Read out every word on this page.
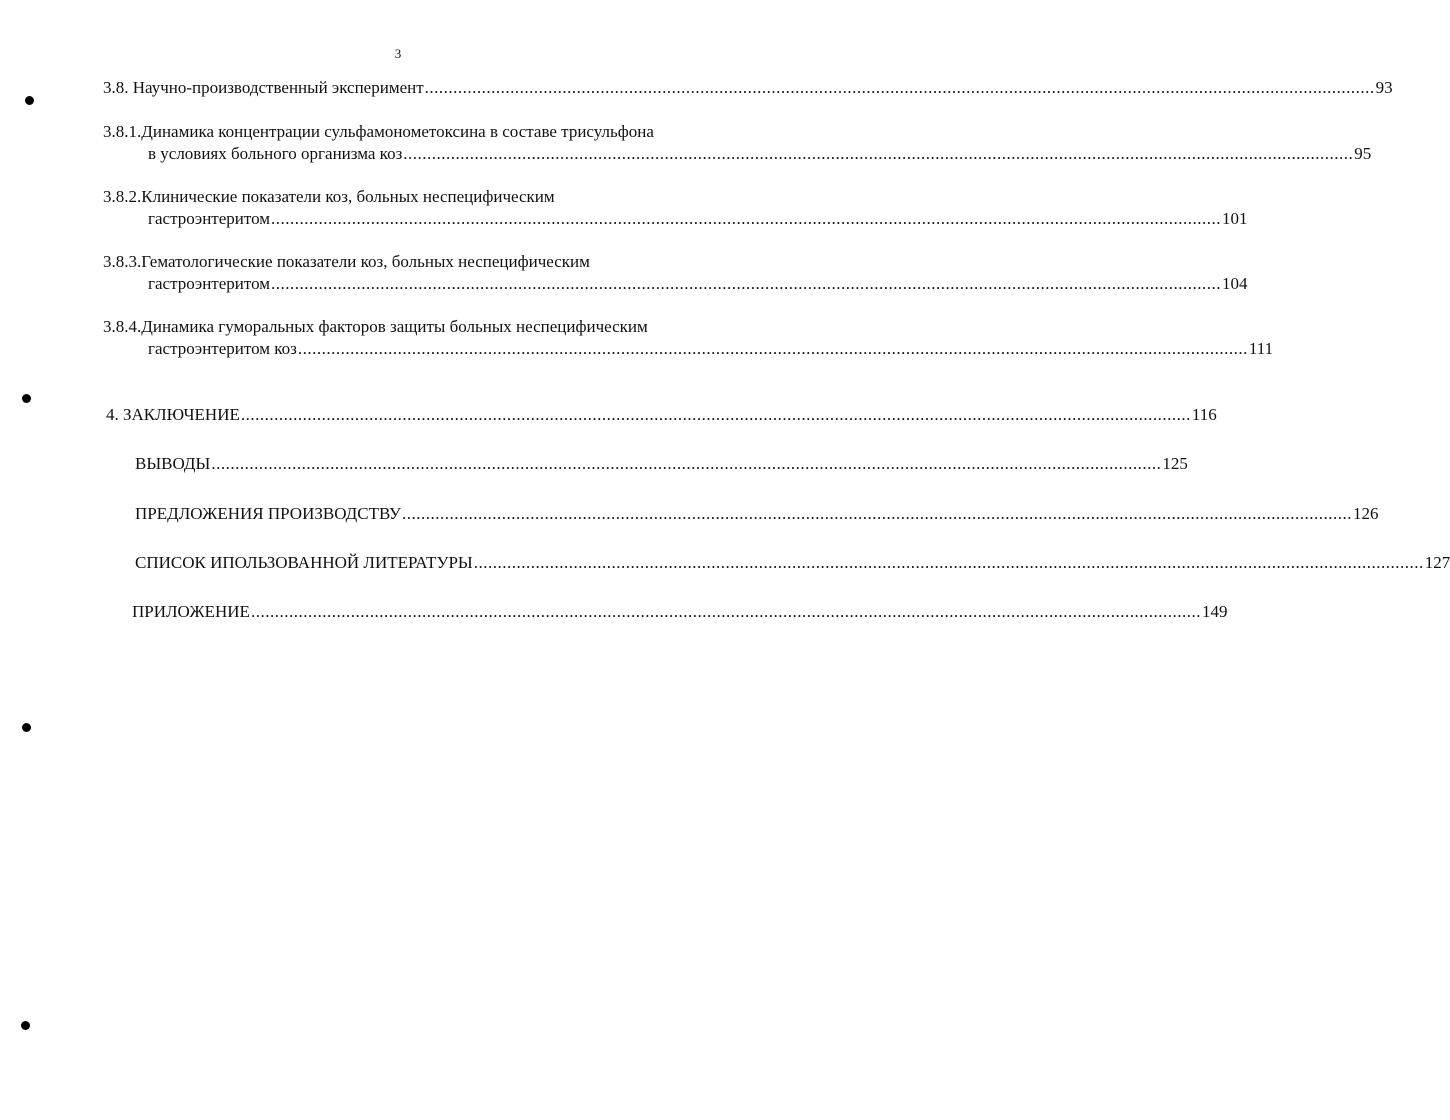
3
3.8. Научно-производственный эксперимент ........................................................................................................................................................................................................ 93
3.8.1.Динамика концентрации сульфамонометоксина в составе трисульфона
в условиях больного организма коз ........................................................................................................................................................................................................ 95
3.8.2.Клинические показатели коз, больных неспецифическим
гастроэнтеритом ........................................................................................................................................................................................................ 101
3.8.3.Гематологические показатели коз, больных неспецифическим
гастроэнтеритом ........................................................................................................................................................................................................ 104
3.8.4.Динамика гуморальных факторов защиты больных неспецифическим
гастроэнтеритом коз ........................................................................................................................................................................................................ 111
4. ЗАКЛЮЧЕНИЕ ........................................................................................................................................................................................................ 116
ВЫВОДЫ ........................................................................................................................................................................................................ 125
ПРЕДЛОЖЕНИЯ ПРОИЗВОДСТВУ ........................................................................................................................................................................................................ 126
СПИСОК ИПОЛЬЗОВАННОЙ ЛИТЕРАТУРЫ ........................................................................................................................................................................................................ 127
ПРИЛОЖЕНИЕ ........................................................................................................................................................................................................ 149
